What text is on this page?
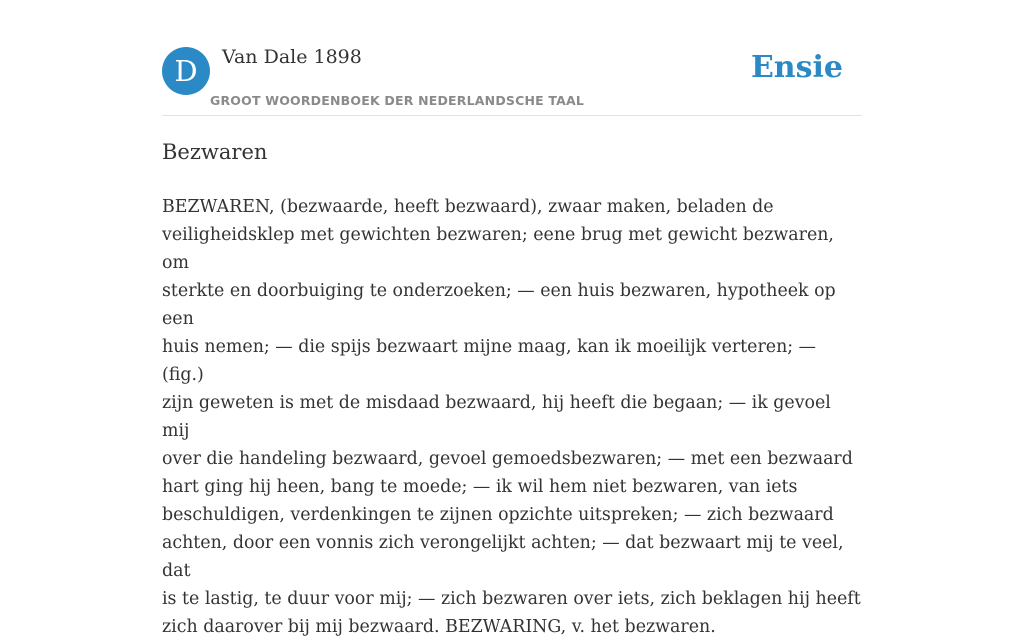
D	Van Dale 1898
GROOT WOORDENBOEK DER NEDERLANDSCHE TAAL
Ensie
Bezwaren

BEZWAREN, (bezwaarde, heeft bezwaard), zwaar maken, beladen de
veiligheidsklep met gewichten bezwaren; eene brug met gewicht bezwaren, om
sterkte en doorbuiging te onderzoeken; — een huis bezwaren, hypotheek op een
huis nemen; — die spijs bezwaart mijne maag, kan ik moeilijk verteren; — (fig.)
zijn geweten is met de misdaad bezwaard, hij heeft die begaan; — ik gevoel mij
over die handeling bezwaard, gevoel gemoedsbezwaren; — met een bezwaard
hart ging hij heen, bang te moede; — ik wil hem niet bezwaren, van iets
beschuldigen, verdenkingen te zijnen opzichte uitspreken; — zich bezwaard
achten, door een vonnis zich verongelijkt achten; — dat bezwaart mij te veel, dat
is te lastig, te duur voor mij; — zich bezwaren over iets, zich beklagen hij heeft
zich daarover bij mij bezwaard. BEZWARING, v. het bezwaren.
